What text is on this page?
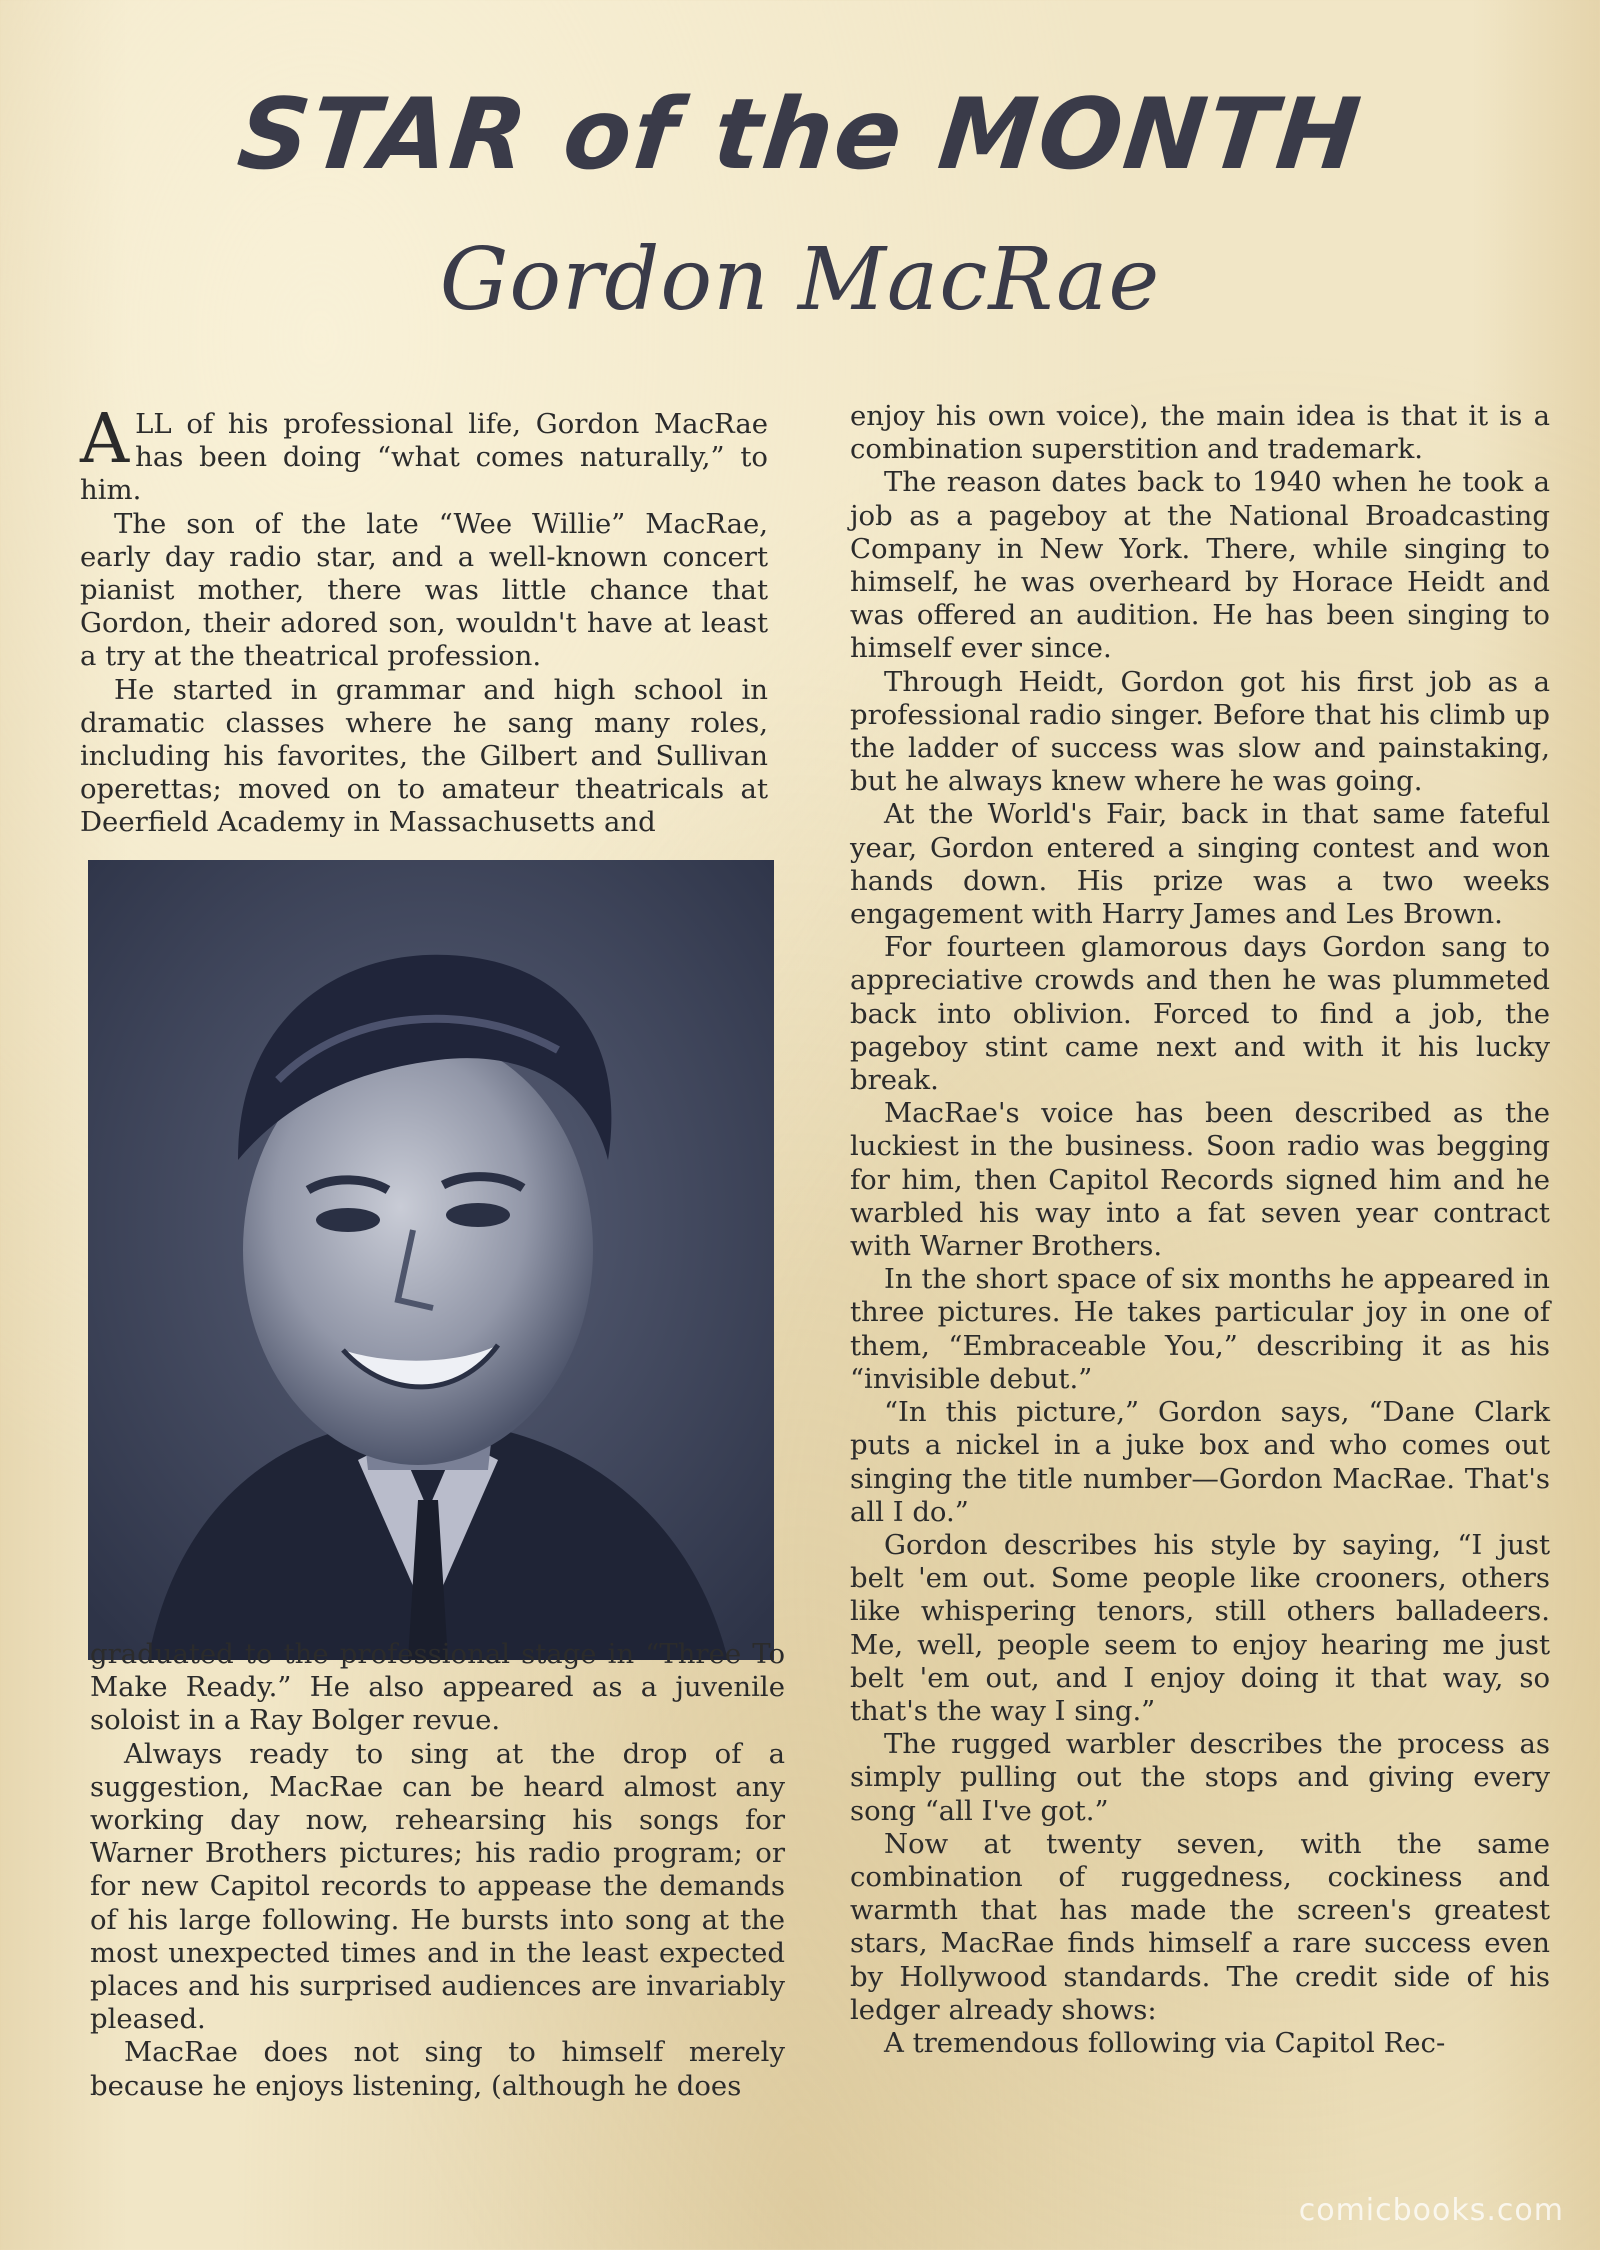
STAR of the MONTH
Gordon MacRae

ALL of his professional life, Gordon MacRae has been doing “what comes naturally,” to him.

The son of the late “Wee Willie” MacRae, early day radio star, and a well-known concert pianist mother, there was little chance that Gordon, their adored son, wouldn't have at least a try at the theatrical profession.

He started in grammar and high school in dramatic classes where he sang many roles, including his favorites, the Gilbert and Sullivan operettas; moved on to amateur theatricals at Deerfield Academy in Massachusetts and

graduated to the professional stage in “Three To Make Ready.” He also appeared as a juvenile soloist in a Ray Bolger revue.

Always ready to sing at the drop of a suggestion, MacRae can be heard almost any working day now, rehearsing his songs for Warner Brothers pictures; his radio program; or for new Capitol records to appease the demands of his large following. He bursts into song at the most unexpected times and in the least expected places and his surprised audiences are invariably pleased.

MacRae does not sing to himself merely because he enjoys listening, (although he does

enjoy his own voice), the main idea is that it is a combination superstition and trademark.

The reason dates back to 1940 when he took a job as a pageboy at the National Broadcasting Company in New York. There, while singing to himself, he was overheard by Horace Heidt and was offered an audition. He has been singing to himself ever since.

Through Heidt, Gordon got his first job as a professional radio singer. Before that his climb up the ladder of success was slow and painstaking, but he always knew where he was going.

At the World's Fair, back in that same fateful year, Gordon entered a singing contest and won hands down. His prize was a two weeks engagement with Harry James and Les Brown.

For fourteen glamorous days Gordon sang to appreciative crowds and then he was plummeted back into oblivion. Forced to find a job, the pageboy stint came next and with it his lucky break.

MacRae's voice has been described as the luckiest in the business. Soon radio was begging for him, then Capitol Records signed him and he warbled his way into a fat seven year contract with Warner Brothers.

In the short space of six months he appeared in three pictures. He takes particular joy in one of them, “Embraceable You,” describing it as his “invisible debut.”

“In this picture,” Gordon says, “Dane Clark puts a nickel in a juke box and who comes out singing the title number—Gordon MacRae. That's all I do.”

Gordon describes his style by saying, “I just belt 'em out. Some people like crooners, others like whispering tenors, still others balladeers. Me, well, people seem to enjoy hearing me just belt 'em out, and I enjoy doing it that way, so that's the way I sing.”

The rugged warbler describes the process as simply pulling out the stops and giving every song “all I've got.”

Now at twenty seven, with the same combination of ruggedness, cockiness and warmth that has made the screen's greatest stars, MacRae finds himself a rare success even by Hollywood standards. The credit side of his ledger already shows:

A tremendous following via Capitol Rec-

comicbooks.com
